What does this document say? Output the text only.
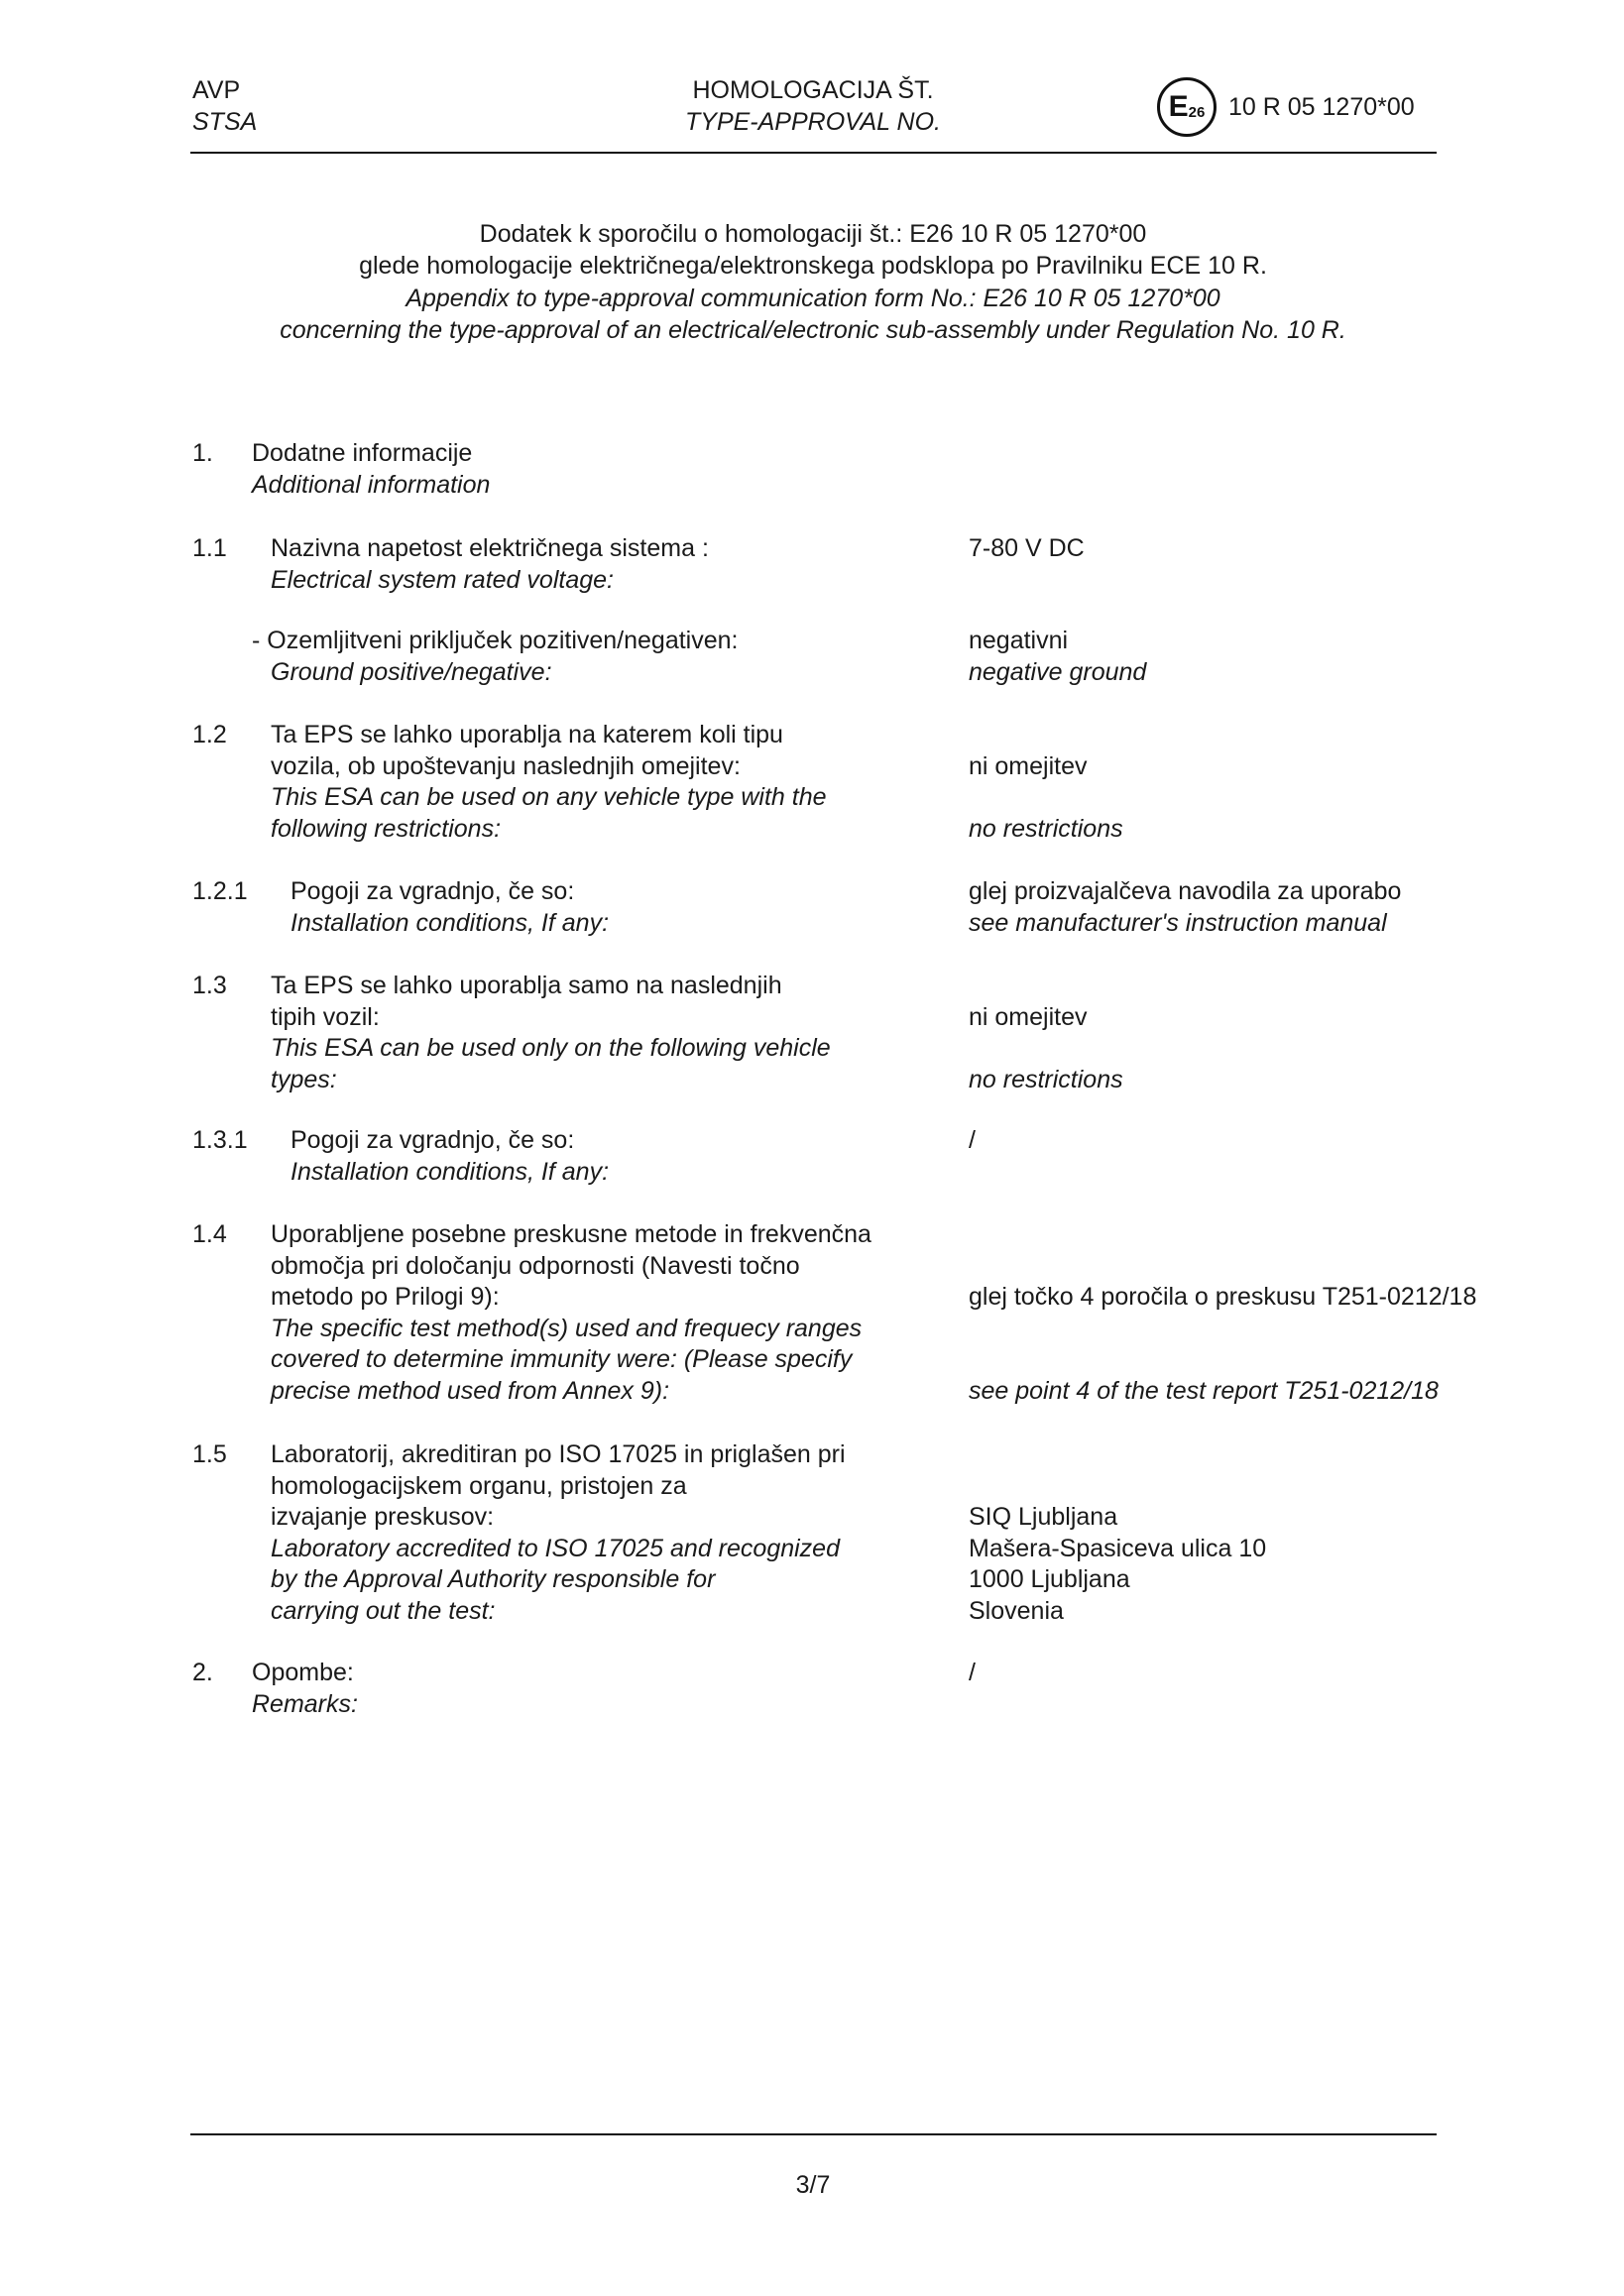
AVP
STSA
HOMOLOGACIJA ŠT.
TYPE-APPROVAL NO.	E 26 10 R 05 1270*00
Dodatek k sporočilu o homologaciji št.: E26 10 R 05 1270*00
glede homologacije električnega/elektronskega podsklopa po Pravilniku ECE 10 R.
Appendix to type-approval communication form No.: E26 10 R 05 1270*00
concerning the type-approval of an electrical/electronic sub-assembly under Regulation No. 10 R.
1. Dodatne informacije
Additional information
1.1 Nazivna napetost električnega sistema :
Electrical system rated voltage:
7-80 V DC
- Ozemljitveni priključek pozitiven/negativen:
Ground positive/negative:
negativni
negative ground
1.2 Ta EPS se lahko uporablja na katerem koli tipu
vozila, ob upoštevanju naslednjih omejitev:
This ESA can be used on any vehicle type with the
following restrictions:
ni omejitev
no restrictions
1.2.1 Pogoji za vgradnjo, če so:
Installation conditions, If any:
glej proizvajalčeva navodila za uporabo
see manufacturer's instruction manual
1.3 Ta EPS se lahko uporablja samo na naslednjih
tipih vozil:
This ESA can be used only on the following vehicle
types:
ni omejitev
no restrictions
1.3.1 Pogoji za vgradnjo, če so:
Installation conditions, If any:
/
1.4 Uporabljene posebne preskusne metode in frekvenčna
območja pri določanju odpornosti (Navesti točno
metodo po Prilogi 9):
The specific test method(s) used and frequecy ranges
covered to determine immunity were: (Please specify
precise method used from Annex 9):
glej točko 4 poročila o preskusu T251-0212/18
see point 4 of the test report T251-0212/18
1.5 Laboratorij, akreditiran po ISO 17025 in priglašen pri
homologacijskem organu, pristojen za
izvajanje preskusov:
Laboratory accredited to ISO 17025 and recognized
by the Approval Authority responsible for
carrying out the test:
SIQ Ljubljana
Mašera-Spasiceva ulica 10
1000 Ljubljana
Slovenia
2. Opombe:
Remarks:
/
3/7
